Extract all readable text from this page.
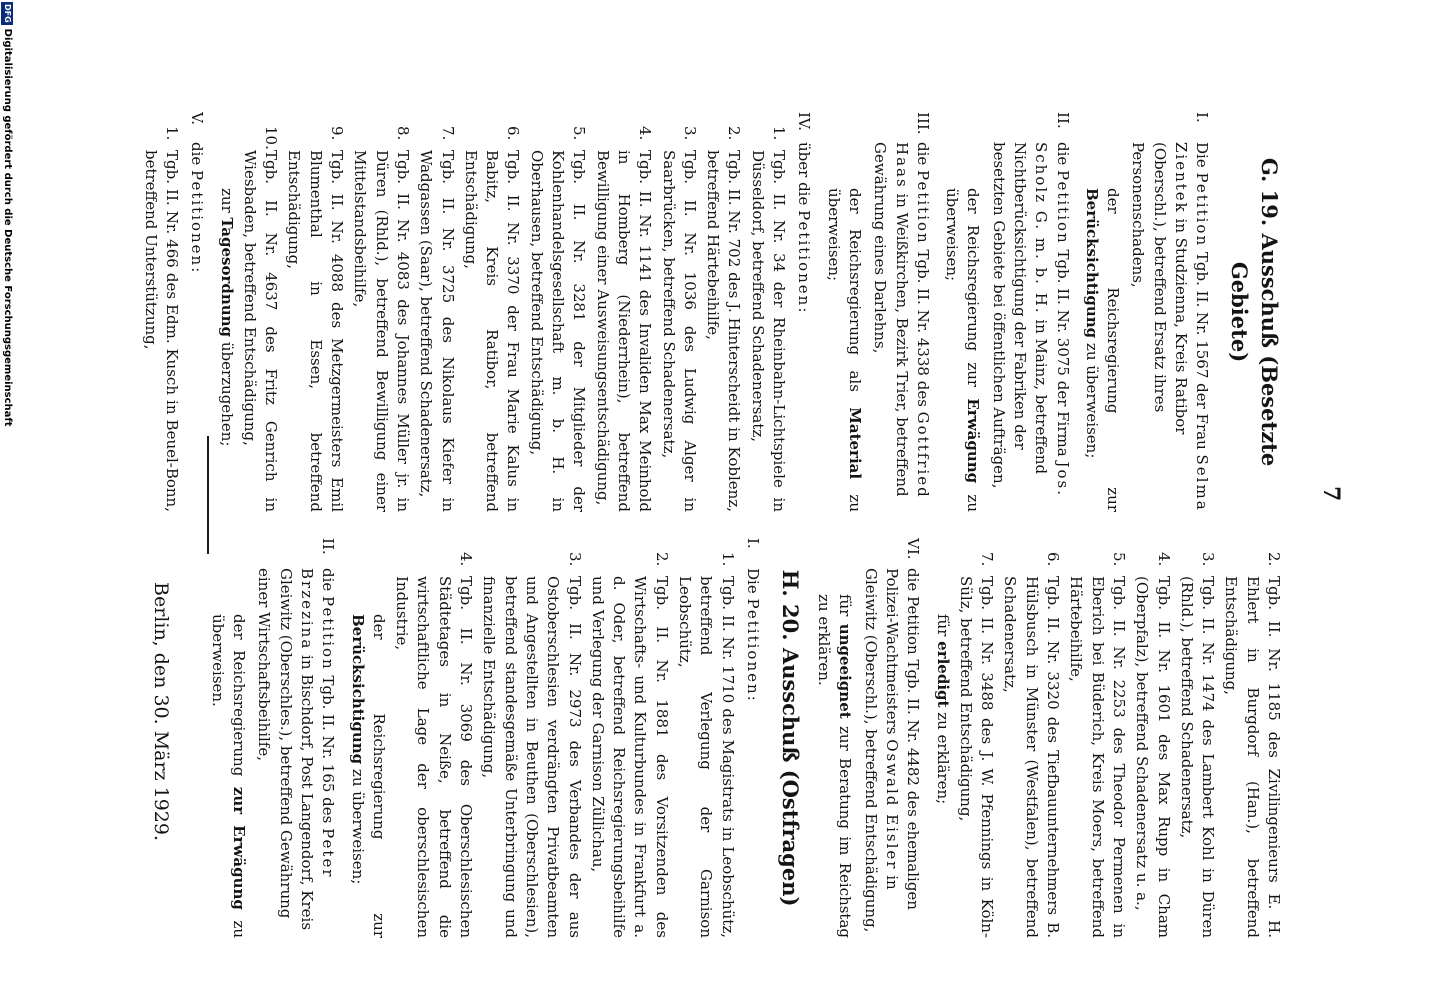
7
G. 19. Ausschuß (Besetzte Gebiete)
I.
Die Petition Tgb. II. Nr. 1567 der Frau Selma Zientek in Studzienna, Kreis Ratibor (Oberschl.), betreffend Ersatz ihres Personenschadens,
der Reichsregierung zur Berücksichtigung zu überweisen;
II.
die Petition Tgb. II. Nr. 3075 der Firma Jos. Scholz G. m. b. H. in Mainz, betreffend Nichtberücksichtigung der Fabriken der besetzten Gebiete bei öffentlichen Aufträgen,
der Reichsregierung zur Erwägung zu überweisen;
III.
die Petition Tgb. II. Nr. 4338 des Gottfried Haas in Weißkirchen, Bezirk Trier, betreffend Gewährung eines Darlehns,
der Reichsregierung als Material zu überweisen;
IV.
über die Petitionen:
1.
Tgb. II. Nr. 34 der Rheinbahn-Lichtspiele in Düsseldorf, betreffend Schadenersatz,
2.
Tgb. II. Nr. 702 des J. Hinterscheidt in Koblenz, betreffend Härtebeihilfe,
3.
Tgb. II. Nr. 1036 des Ludwig Alger in Saarbrücken, betreffend Schadenersatz,
4.
Tgb. II. Nr. 1141 des Invaliden Max Meinhold in Homberg (Niederrhein), betreffend Bewilligung einer Ausweisungsentschädigung,
5.
Tgb. II. Nr. 3281 der Mitglieder der Kohlenhandelsgesellschaft m. b. H. in Oberhausen, betreffend Entschädigung,
6.
Tgb. II. Nr. 3370 der Frau Marie Kalus in Babitz, Kreis Ratibor, betreffend Entschädigung,
7.
Tgb. II. Nr. 3725 des Nikolaus Kiefer in Wadgassen (Saar), betreffend Schadenersatz,
8.
Tgb. II. Nr. 4083 des Johannes Müller jr. in Düren (Rhld.), betreffend Bewilligung einer Mittelstandsbeihilfe,
9.
Tgb. II. Nr. 4088 des Metzgermeisters Emil Blumenthal in Essen, betreffend Entschädigung,
10.
Tgb. II. Nr. 4637 des Fritz Genrich in Wiesbaden, betreffend Entschädigung,
zur Tagesordnung überzugehen;
V.
die Petitionen:
1.
Tgb. II. Nr. 466 des Edm. Kusch in Beuel-Bonn, betreffend Unterstützung,
2.
Tgb. II. Nr. 1185 des Zivilingenieurs E. H. Ehlert in Burgdorf (Han.), betreffend Entschädigung,
3.
Tgb. II. Nr. 1474 des Lambert Kohl in Düren (Rhld.), betreffend Schadenersatz,
4.
Tgb. II. Nr. 1601 des Max Rupp in Cham (Oberpfalz), betreffend Schadenersatz u. a.,
5.
Tgb. II. Nr. 2253 des Theodor Permenen in Eberich bei Büderich, Kreis Moers, betreffend Härtebeihilfe,
6.
Tgb. II. Nr. 3320 des Tiefbauunternehmers B. Hülsbusch in Münster (Westfalen), betreffend Schadenersatz,
7.
Tgb. II. Nr. 3488 des J. W. Pfennings in Köln-Sülz, betreffend Entschädigung,
für erledigt zu erklären;
VI.
die Petition Tgb. II. Nr. 4482 des ehemaligen Polizei-Wachtmeisters Oswald Eisler in Gleiwitz (Oberschl.), betreffend Entschädigung,
für ungeeignet zur Beratung im Reichstag zu erklären.
H. 20. Ausschuß (Ostfragen)
I.
Die Petitionen:
1.
Tgb. II. Nr. 1710 des Magistrats in Leobschütz, betreffend Verlegung der Garnison Leobschütz,
2.
Tgb. II. Nr. 1881 des Vorsitzenden des Wirtschafts- und Kulturbundes in Frankfurt a. d. Oder, betreffend Reichsregierungsbeihilfe und Verlegung der Garnison Züllichau,
3.
Tgb. II. Nr. 2973 des Verbandes der aus Ostoberschlesien verdrängten Privatbeamten und Angestellten in Beuthen (Oberschlesien), betreffend standesgemäße Unterbringung und finanzielle Entschädigung,
4.
Tgb. II. Nr. 3069 des Oberschlesischen Städtetages in Neiße, betreffend die wirtschaftliche Lage der oberschlesischen Industrie,
der Reichsregierung zur Berücksichtigung zu überweisen;
II.
die Petition Tgb. II. Nr. 165 des Peter Brzezina in Bischdorf, Post Langendorf, Kreis Gleiwitz (Oberschles.), betreffend Gewährung einer Wirtschaftsbeihilfe,
der Reichsregierung zur Erwägung zu überweisen.
Berlin, den 30. März 1929.
DFGDigitalisierung gefördert durch die Deutsche Forschungsgemeinschaft
